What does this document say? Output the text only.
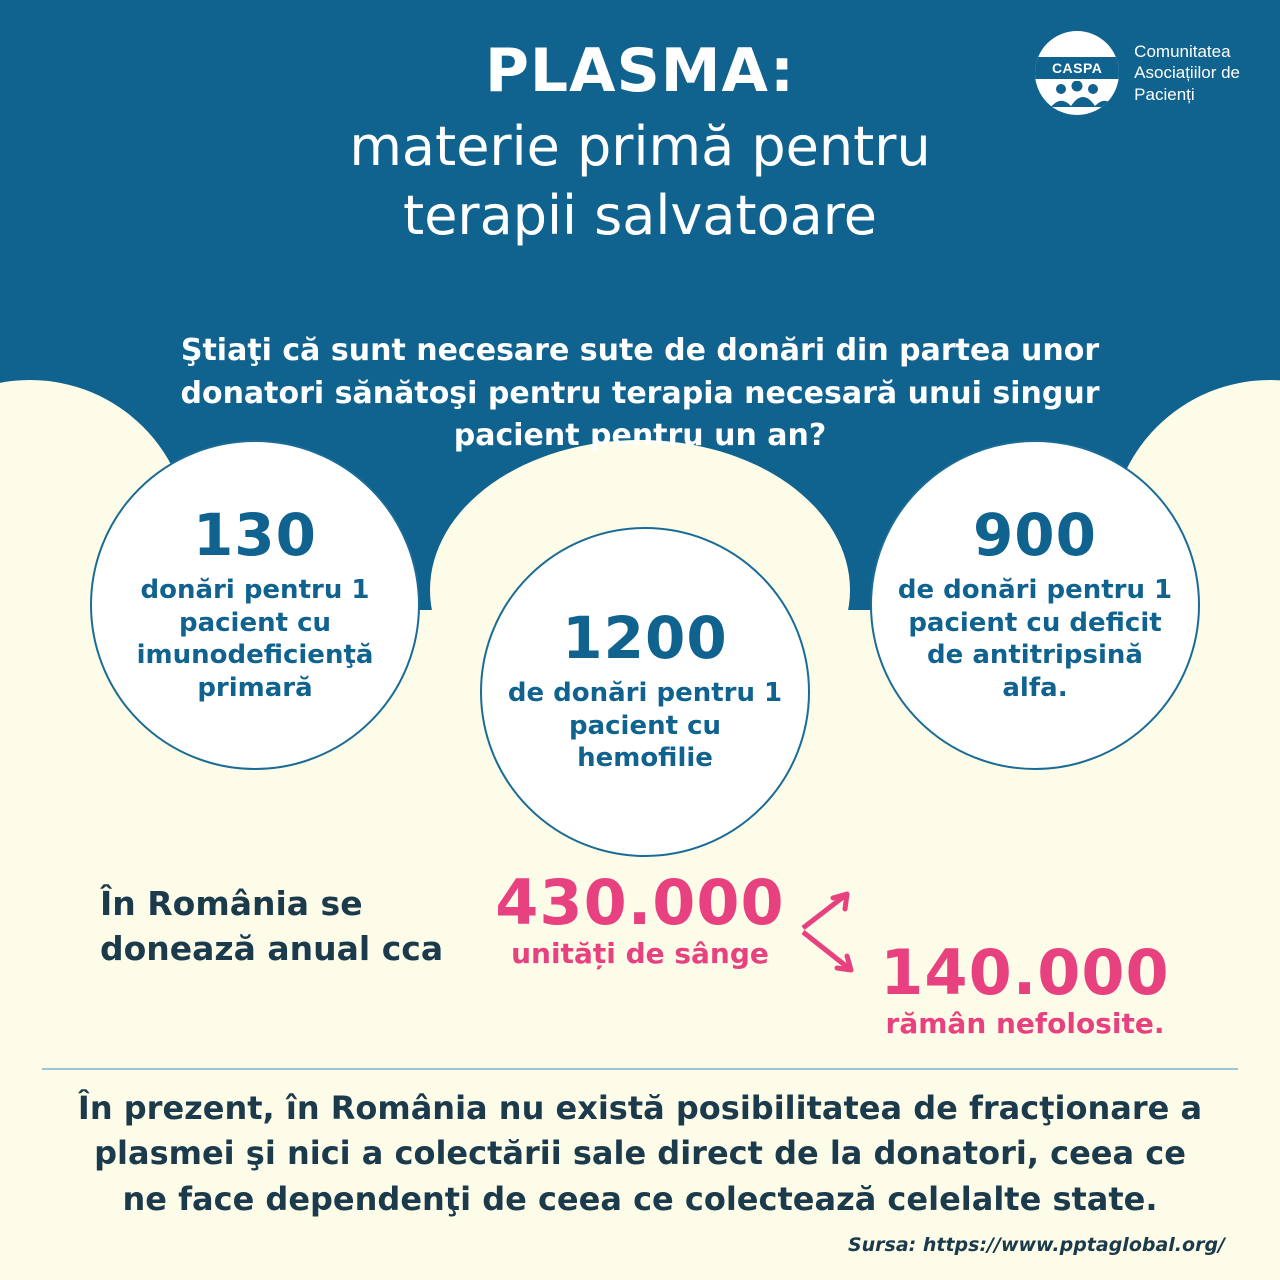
CASPA
Comunitatea
Asociațiilor de
Pacienți
PLASMA:
materie primă pentru
terapii salvatoare
Ştiaţi că sunt necesare sute de donări din partea unor donatori sănătoşi pentru terapia necesară unui singur pacient pentru un an?
130
donări pentru 1 pacient cu imunodeficienţă primară
1200
de donări pentru 1 pacient cu hemofilie
900
de donări pentru 1 pacient cu deficit de antitripsină alfa.
În România se donează anual cca
430.000
unități de sânge	140.000
rămân nefolosite.
În prezent, în România nu există posibilitatea de fracţionare a plasmei şi nici a colectării sale direct de la donatori, ceea ce ne face dependenţi de ceea ce colectează celelalte state.
Sursa: https://www.pptaglobal.org/
